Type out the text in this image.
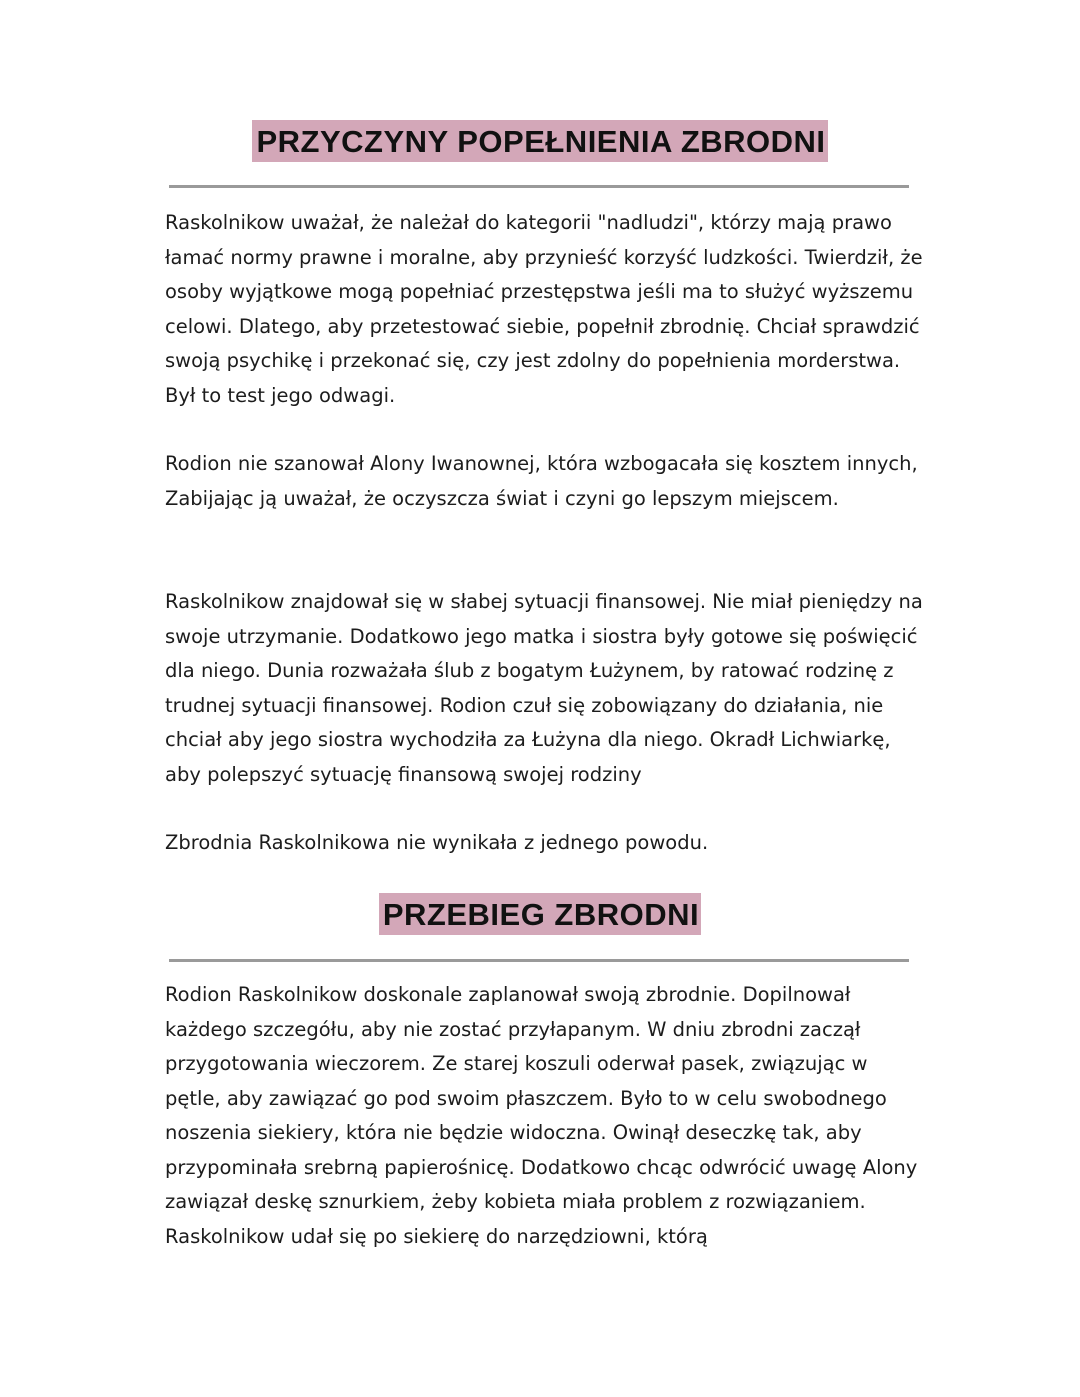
PRZYCZYNY POPEŁNIENIA ZBRODNI

Raskolnikow uważał, że należał do kategorii "nadludzi", którzy mają prawo łamać normy prawne i moralne, aby przynieść korzyść ludzkości. Twierdził, że osoby wyjątkowe mogą popełniać przestępstwa jeśli ma to służyć wyższemu celowi. Dlatego, aby przetestować siebie, popełnił zbrodnię. Chciał sprawdzić swoją psychikę i przekonać się, czy jest zdolny do popełnienia morderstwa. Był to test jego odwagi.

Rodion nie szanował Alony Iwanownej, która wzbogacała się kosztem innych, Zabijając ją uważał, że oczyszcza świat i czyni go lepszym miejscem.

Raskolnikow znajdował się w słabej sytuacji finansowej. Nie miał pieniędzy na swoje utrzymanie. Dodatkowo jego matka i siostra były gotowe się poświęcić dla niego. Dunia rozważała ślub z bogatym Łużynem, by ratować rodzinę z trudnej sytuacji finansowej. Rodion czuł się zobowiązany do działania, nie chciał aby jego siostra wychodziła za Łużyna dla niego. Okradł Lichwiarkę, aby polepszyć sytuację finansową swojej rodziny

Zbrodnia Raskolnikowa nie wynikała z jednego powodu.

PRZEBIEG ZBRODNI

Rodion Raskolnikow doskonale zaplanował swoją zbrodnie. Dopilnował każdego szczegółu, aby nie zostać przyłapanym. W dniu zbrodni zaczął przygotowania wieczorem. Ze starej koszuli oderwał pasek, związując w pętle, aby zawiązać go pod swoim płaszczem. Było to w celu swobodnego noszenia siekiery, która nie będzie widoczna. Owinął deseczkę tak, aby przypominała srebrną papierośnicę. Dodatkowo chcąc odwrócić uwagę Alony zawiązał deskę sznurkiem, żeby kobieta miała problem z rozwiązaniem. Raskolnikow udał się po siekierę do narzędziowni, którą
